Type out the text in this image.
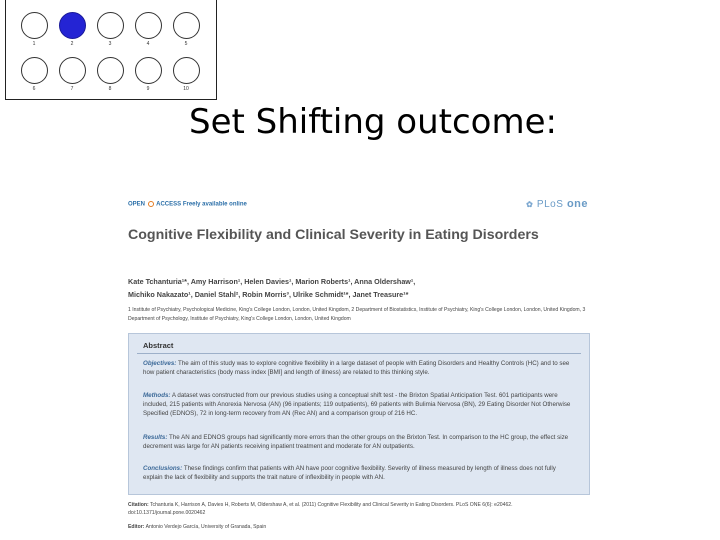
1	2	3	4	5
6	7	8	9	10
Set Shifting outcome:
OPEN ACCESS Freely available online	✿ PLoS one
Cognitive Flexibility and Clinical Severity in Eating Disorders
Kate Tchanturia¹*, Amy Harrison¹, Helen Davies¹, Marion Roberts¹, Anna Oldershaw¹,
Michiko Nakazato¹, Daniel Stahl², Robin Morris³, Ulrike Schmidt¹*, Janet Treasure¹*
1 Institute of Psychiatry, Psychological Medicine, King's College London, London, United Kingdom, 2 Department of Biostatistics, Institute of Psychiatry, King's College London, London, United Kingdom, 3 Department of Psychology, Institute of Psychiatry, King's College London, London, United Kingdom
Abstract
Objectives: The aim of this study was to explore cognitive flexibility in a large dataset of people with Eating Disorders and Healthy Controls (HC) and to see how patient characteristics (body mass index [BMI] and length of illness) are related to this thinking style.
Methods: A dataset was constructed from our previous studies using a conceptual shift test - the Brixton Spatial Anticipation Test. 601 participants were included, 215 patients with Anorexia Nervosa (AN) (96 inpatients; 119 outpatients), 69 patients with Bulimia Nervosa (BN), 29 Eating Disorder Not Otherwise Specified (EDNOS), 72 in long-term recovery from AN (Rec AN) and a comparison group of 216 HC.
Results: The AN and EDNOS groups had significantly more errors than the other groups on the Brixton Test. In comparison to the HC group, the effect size decrement was large for AN patients receiving inpatient treatment and moderate for AN outpatients.
Conclusions: These findings confirm that patients with AN have poor cognitive flexibility. Severity of illness measured by length of illness does not fully explain the lack of flexibility and supports the trait nature of inflexibility in people with AN.
Citation: Tchanturia K, Harrison A, Davies H, Roberts M, Oldershaw A, et al. (2011) Cognitive Flexibility and Clinical Severity in Eating Disorders. PLoS ONE 6(6): e20462. doi:10.1371/journal.pone.0020462
Editor: Antonio Verdejo García, University of Granada, Spain
